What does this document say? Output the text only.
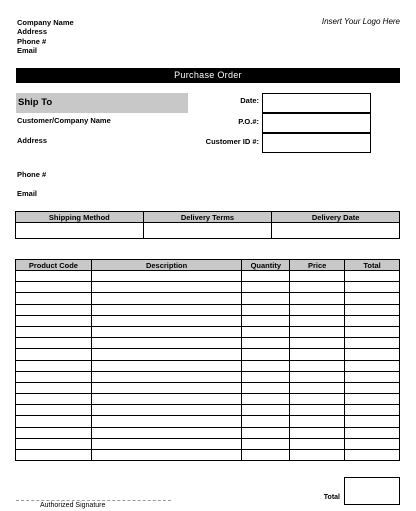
Company Name
Address
Phone #
Email
Insert Your Logo Here
Purchase Order
Ship To
Customer/Company Name
Address
Phone #
Email
Date:
P.O.#:
Customer ID #:
Shipping Method	Delivery Terms	Delivery Date

Product Code	Description	Quantity	Price	Total

Total
Authorized Signature
